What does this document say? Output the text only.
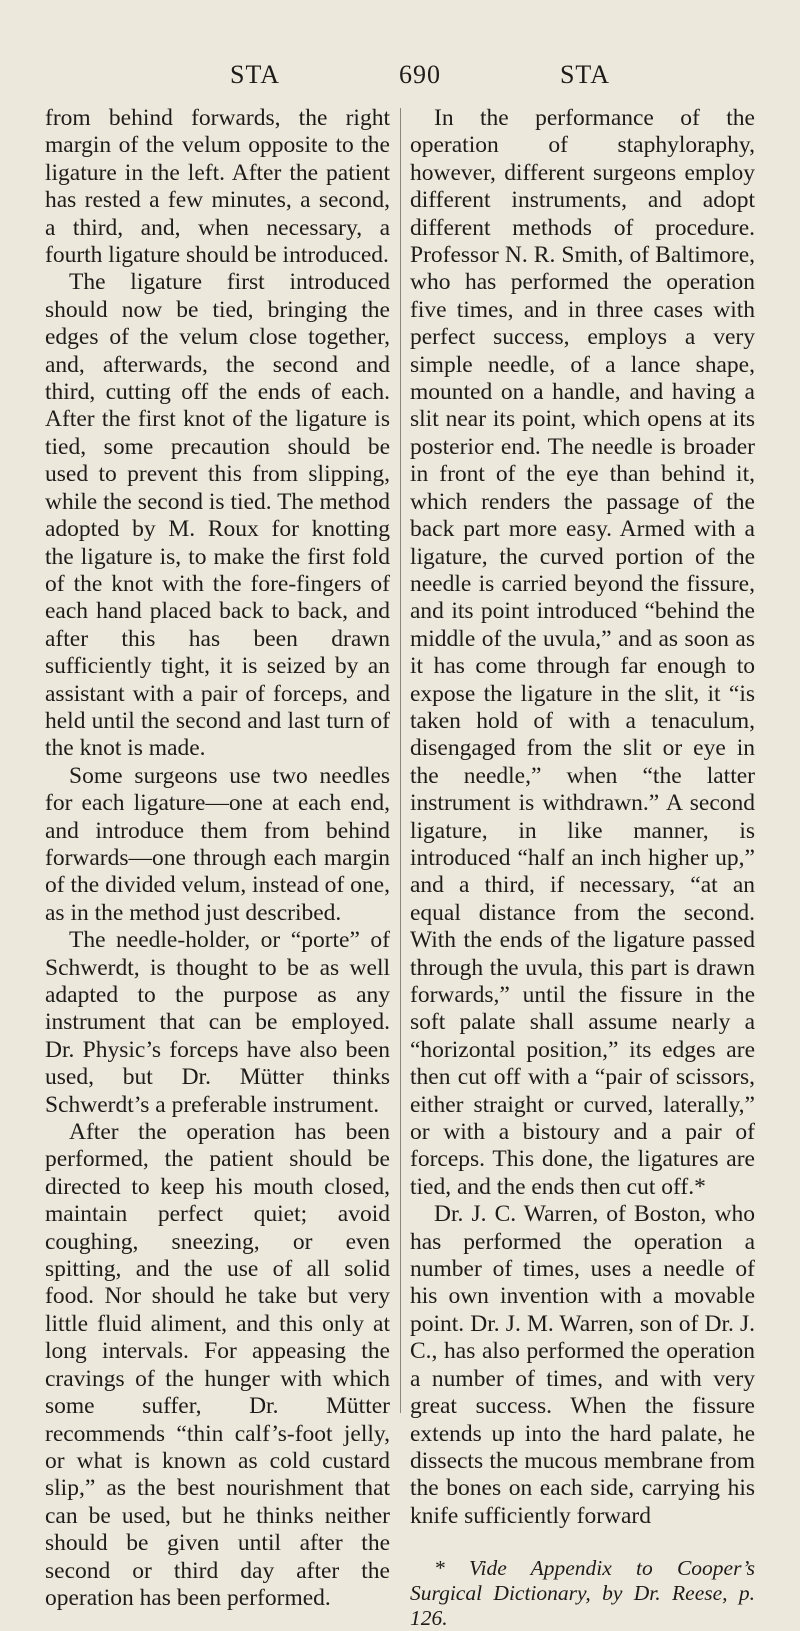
STA	690	STA

from behind forwards, the right margin of the velum opposite to the ligature in the left. After the patient has rested a few minutes, a second, a third, and, when necessary, a fourth ligature should be introduced.

The ligature first introduced should now be tied, bringing the edges of the velum close together, and, afterwards, the second and third, cutting off the ends of each. After the first knot of the ligature is tied, some precaution should be used to prevent this from slipping, while the second is tied. The method adopted by M. Roux for knotting the ligature is, to make the first fold of the knot with the fore-fingers of each hand placed back to back, and after this has been drawn sufficiently tight, it is seized by an assistant with a pair of forceps, and held until the second and last turn of the knot is made.

Some surgeons use two needles for each ligature—one at each end, and introduce them from behind forwards—one through each margin of the divided velum, instead of one, as in the method just described.

The needle-holder, or “porte” of Schwerdt, is thought to be as well adapted to the purpose as any instrument that can be employed. Dr. Physic’s forceps have also been used, but Dr. Mütter thinks Schwerdt’s a preferable instrument.

After the operation has been performed, the patient should be directed to keep his mouth closed, maintain perfect quiet; avoid coughing, sneezing, or even spitting, and the use of all solid food. Nor should he take but very little fluid aliment, and this only at long intervals. For appeasing the cravings of the hunger with which some suffer, Dr. Mütter recommends “thin calf’s-foot jelly, or what is known as cold custard slip,” as the best nourishment that can be used, but he thinks neither should be given until after the second or third day after the operation has been performed.

In the performance of the operation of staphyloraphy, however, different surgeons employ different instruments, and adopt different methods of procedure. Professor N. R. Smith, of Baltimore, who has performed the operation five times, and in three cases with perfect success, employs a very simple needle, of a lance shape, mounted on a handle, and having a slit near its point, which opens at its posterior end. The needle is broader in front of the eye than behind it, which renders the passage of the back part more easy. Armed with a ligature, the curved portion of the needle is carried beyond the fissure, and its point introduced “behind the middle of the uvula,” and as soon as it has come through far enough to expose the ligature in the slit, it “is taken hold of with a tenaculum, disengaged from the slit or eye in the needle,” when “the latter instrument is withdrawn.” A second ligature, in like manner, is introduced “half an inch higher up,” and a third, if necessary, “at an equal distance from the second. With the ends of the ligature passed through the uvula, this part is drawn forwards,” until the fissure in the soft palate shall assume nearly a “horizontal position,” its edges are then cut off with a “pair of scissors, either straight or curved, laterally,” or with a bistoury and a pair of forceps. This done, the ligatures are tied, and the ends then cut off.*

Dr. J. C. Warren, of Boston, who has performed the operation a number of times, uses a needle of his own invention with a movable point. Dr. J. M. Warren, son of Dr. J. C., has also performed the operation a number of times, and with very great success. When the fissure extends up into the hard palate, he dissects the mucous membrane from the bones on each side, carrying his knife sufficiently forward

* Vide Appendix to Cooper’s Surgical Dictionary, by Dr. Reese, p. 126.
